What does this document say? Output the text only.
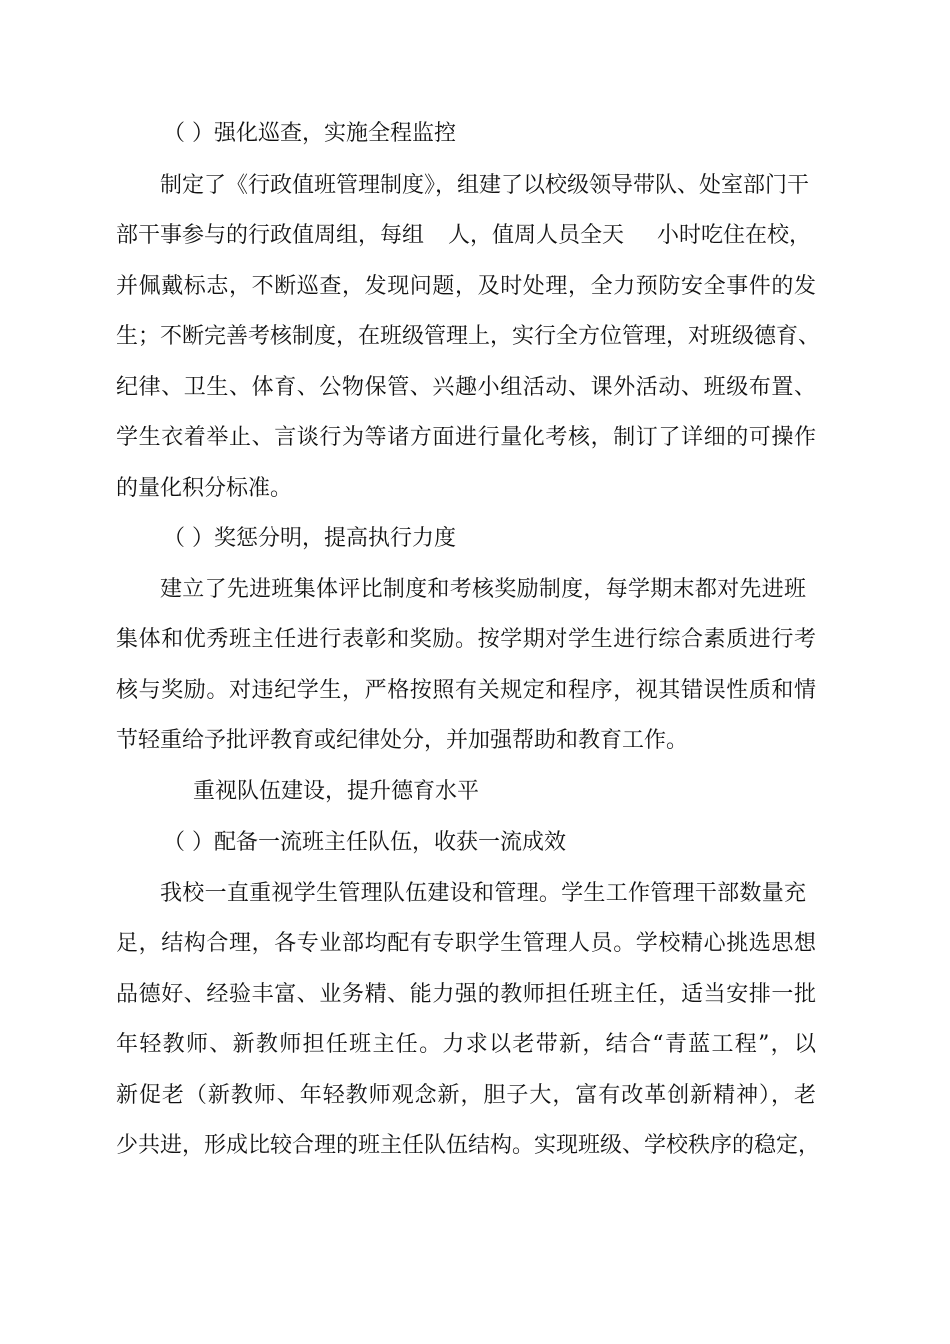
（ ）强化巡查，实施全程监控
制定了《行政值班管理制度》，组建了以校级领导带队、处室部门干
部干事参与的行政值周组，每组 人，值周人员全天 小时吃住在校，
并佩戴标志，不断巡查，发现问题，及时处理，全力预防安全事件的发
生；不断完善考核制度，在班级管理上，实行全方位管理，对班级德育、
纪律、卫生、体育、公物保管、兴趣小组活动、课外活动、班级布置、
学生衣着举止、言谈行为等诸方面进行量化考核，制订了详细的可操作
的量化积分标准。
（ ）奖惩分明，提高执行力度
建立了先进班集体评比制度和考核奖励制度，每学期末都对先进班
集体和优秀班主任进行表彰和奖励。按学期对学生进行综合素质进行考
核与奖励。对违纪学生，严格按照有关规定和程序，视其错误性质和情
节轻重给予批评教育或纪律处分，并加强帮助和教育工作。
重视队伍建设，提升德育水平
（ ）配备一流班主任队伍，收获一流成效
我校一直重视学生管理队伍建设和管理。学生工作管理干部数量充
足，结构合理，各专业部均配有专职学生管理人员。学校精心挑选思想
品德好、经验丰富、业务精、能力强的教师担任班主任，适当安排一批
年轻教师、新教师担任班主任。力求以老带新，结合“青蓝工程”，以
新促老（新教师、年轻教师观念新，胆子大，富有改革创新精神），老
少共进，形成比较合理的班主任队伍结构。实现班级、学校秩序的稳定，
